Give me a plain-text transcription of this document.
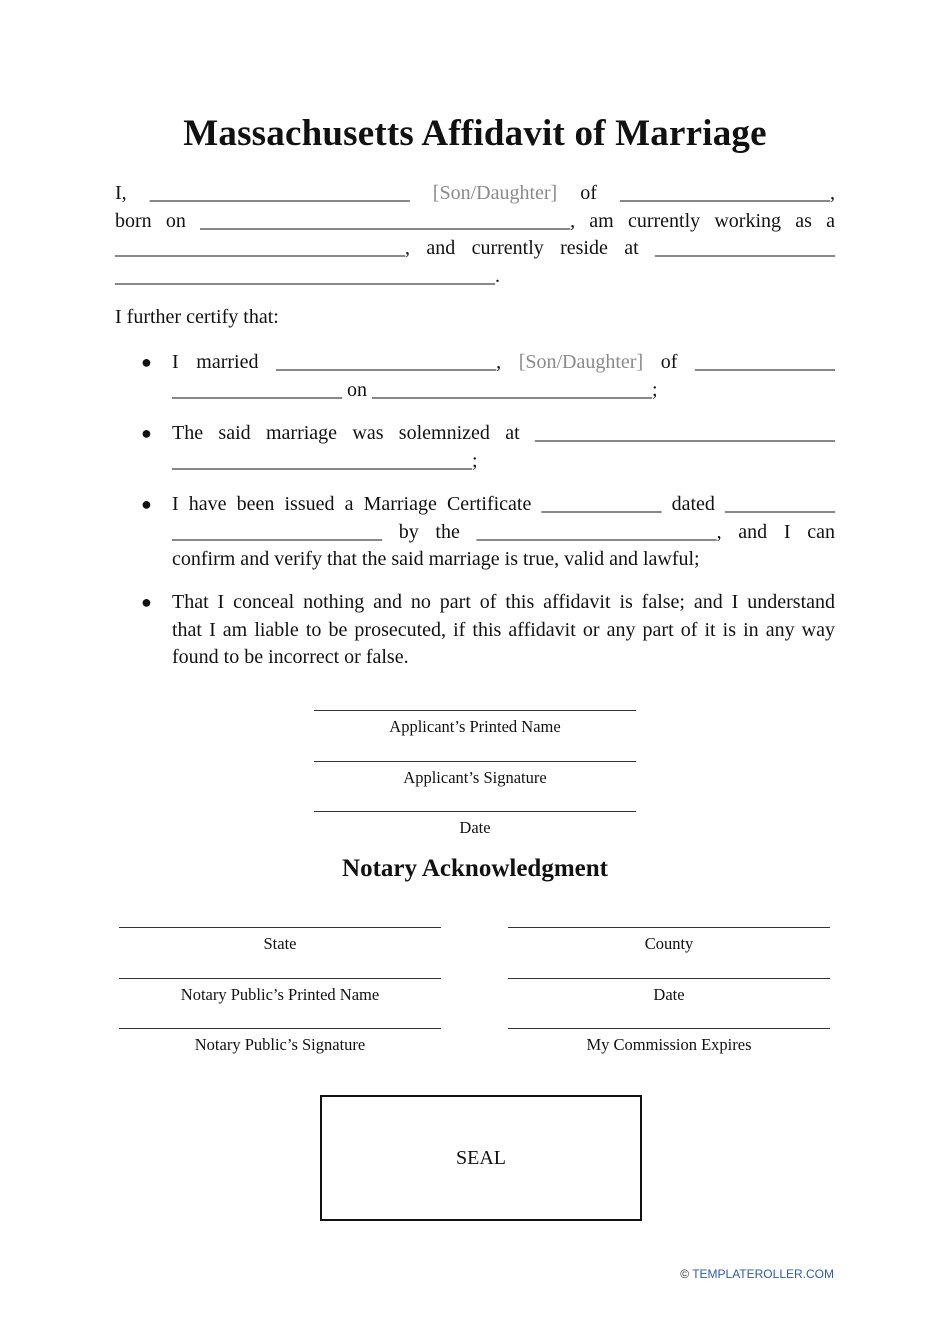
Massachusetts Affidavit of Marriage
I, __________________________ [Son/Daughter] of _____________________,
born on _____________________________________, am currently working as a
_____________________________, and currently reside at __________________
______________________________________.
I further certify that:
● I married ______________________, [Son/Daughter] of ______________
_________________ on ____________________________;
● The said marriage was solemnized at ______________________________
______________________________;
● I have been issued a Marriage Certificate ____________ dated ___________
_____________________ by the ________________________, and I can
confirm and verify that the said marriage is true, valid and lawful;
● That I conceal nothing and no part of this affidavit is false; and I understand
that I am liable to be prosecuted, if this affidavit or any part of it is in any way
found to be incorrect or false.
Applicant’s Printed Name
Applicant’s Signature
Date
Notary Acknowledgment
State	County
Notary Public’s Printed Name	Date
Notary Public’s Signature	My Commission Expires
SEAL
© TEMPLATEROLLER.COM
